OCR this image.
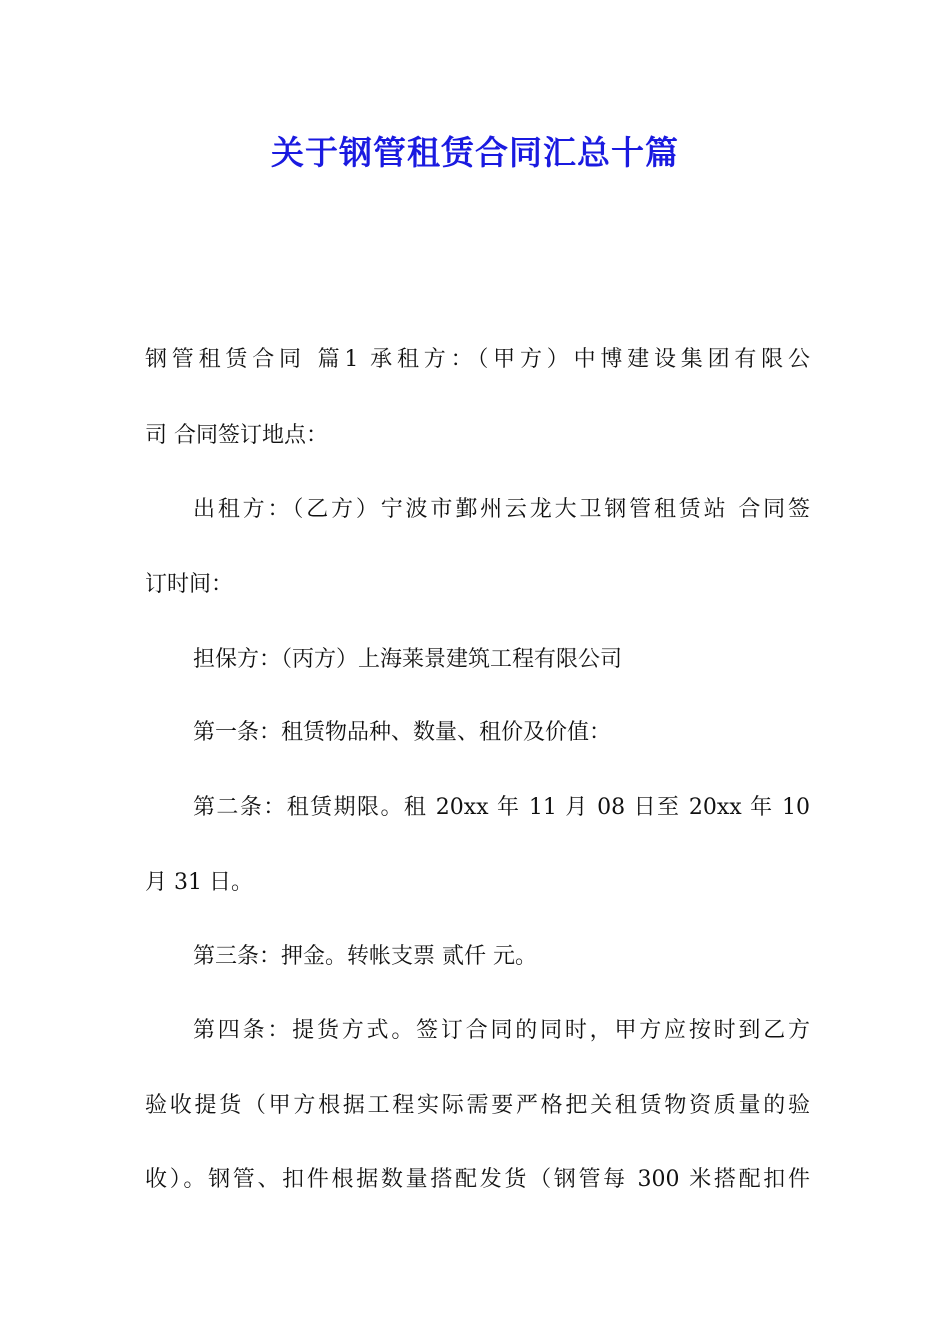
关于钢管租赁合同汇总十篇
钢管租赁合同 篇1 承租方：（甲方）中博建设集团有限公
司 合同签订地点：
出租方：（乙方）宁波市鄞州云龙大卫钢管租赁站 合同签
订时间：
担保方：（丙方）上海莱景建筑工程有限公司
第一条：租赁物品种、数量、租价及价值：
第二条：租赁期限。租 20xx 年 11 月 08 日至 20xx 年 10
月 31 日。
第三条：押金。转帐支票 贰仟 元。
第四条：提货方式。签订合同的同时，甲方应按时到乙方
验收提货（甲方根据工程实际需要严格把关租赁物资质量的验
收）。钢管、扣件根据数量搭配发货（钢管每 300 米搭配扣件
